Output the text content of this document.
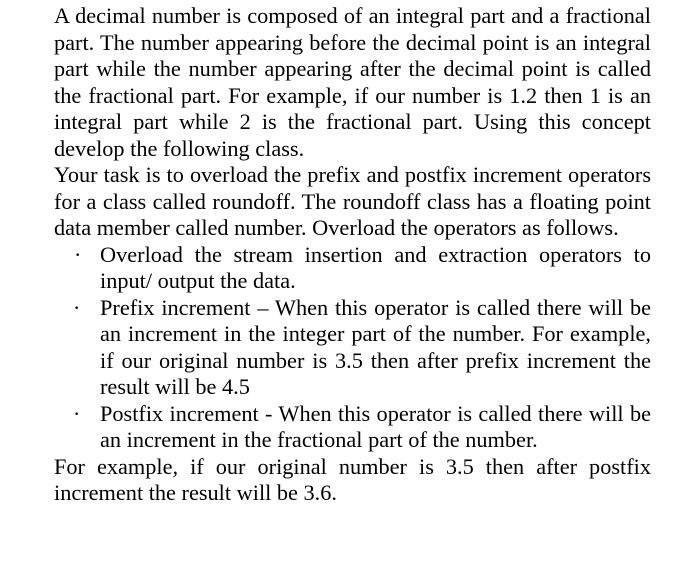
A decimal number is composed of an integral part and a fractional part. The number appearing before the decimal point is an integral part while the number appearing after the decimal point is called the fractional part. For example, if our number is 1.2 then 1 is an integral part while 2 is the fractional part. Using this concept develop the following class.

Your task is to overload the prefix and postfix increment operators for a class called roundoff. The roundoff class has a floating point data member called number. Overload the operators as follows.

· Overload the stream insertion and extraction operators to input/ output the data.
· Prefix increment – When this operator is called there will be an increment in the integer part of the number. For example, if our original number is 3.5 then after prefix increment the result will be 4.5
· Postfix increment - When this operator is called there will be an increment in the fractional part of the number.

For example, if our original number is 3.5 then after postfix increment the result will be 3.6.
